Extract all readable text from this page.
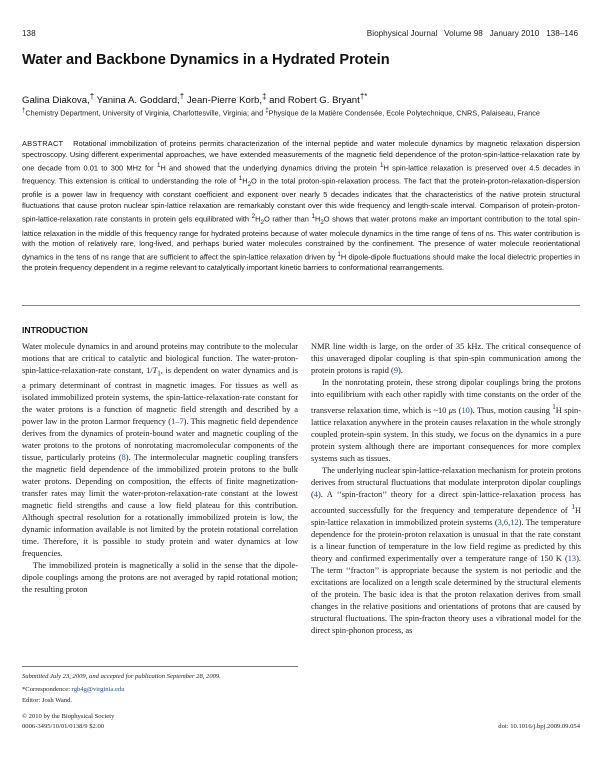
138	Biophysical Journal   Volume 98   January 2010   138–146
Water and Backbone Dynamics in a Hydrated Protein
Galina Diakova,† Yanina A. Goddard,† Jean-Pierre Korb,‡ and Robert G. Bryant†*
†Chemistry Department, University of Virginia, Charlottesville, Virginia; and ‡Physique de la Matière Condensée, Ecole Polytechnique, CNRS, Palaiseau, France
ABSTRACT Rotational immobilization of proteins permits characterization of the internal peptide and water molecule dynamics by magnetic relaxation dispersion spectroscopy. Using different experimental approaches, we have extended measurements of the magnetic field dependence of the proton-spin-lattice-relaxation rate by one decade from 0.01 to 300 MHz for $^1$H and showed that the underlying dynamics driving the protein $^1$H spin-lattice relaxation is preserved over 4.5 decades in frequency. This extension is critical to understanding the role of $^1H_2O$ in the total proton-spin-relaxation process. The fact that the protein-proton-relaxation-dispersion profile is a power law in frequency with constant coefficient and exponent over nearly 5 decades indicates that the characteristics of the native protein structural fluctuations that cause proton nuclear spin-lattice relaxation are remarkably constant over this wide frequency and length-scale interval. Comparison of protein-proton-spin-lattice-relaxation rate constants in protein gels equilibrated with $^2H_2O$ rather than $^1H_2O$ shows that water protons make an important contribution to the total spin-lattice relaxation in the middle of this frequency range for hydrated proteins because of water molecule dynamics in the time range of tens of ns. This water contribution is with the motion of relatively rare, long-lived, and perhaps buried water molecules constrained by the confinement. The presence of water molecule reorientational dynamics in the tens of ns range that are sufficient to affect the spin-lattice relaxation driven by $^1$H dipole-dipole fluctuations should make the local dielectric properties in the protein frequency dependent in a regime relevant to catalytically important kinetic barriers to conformational rearrangements.
INTRODUCTION

Water molecule dynamics in and around proteins may contribute to the molecular motions that are critical to catalytic and biological function. The water-proton-spin-lattice-relaxation-rate constant, $1/T_1$, is dependent on water dynamics and is a primary determinant of contrast in magnetic images. For tissues as well as isolated immobilized protein systems, the spin-lattice-relaxation-rate constant for the water protons is a function of magnetic field strength and described by a power law in the proton Larmor frequency (1–7). This magnetic field dependence derives from the dynamics of protein-bound water and magnetic coupling of the water protons to the protons of nonrotating macromolecular components of the tissue, particularly proteins (8). The intermolecular magnetic coupling transfers the magnetic field dependence of the immobilized protein protons to the bulk water protons. Depending on composition, the effects of finite magnetization-transfer rates may limit the water-proton-relaxation-rate constant at the lowest magnetic field strengths and cause a low field plateau for this contribution. Although spectral resolution for a rotationally immobilized protein is low, the dynamic information available is not limited by the protein rotational correlation time. Therefore, it is possible to study protein and water dynamics at low frequencies.

The immobilized protein is magnetically a solid in the sense that the dipole-dipole couplings among the protons are not averaged by rapid rotational motion; the resulting proton

NMR line width is large, on the order of 35 kHz. The critical consequence of this unaveraged dipolar coupling is that spin-spin communication among the protein protons is rapid (9).

In the nonrotating protein, these strong dipolar couplings bring the protons into equilibrium with each other rapidly with time constants on the order of the transverse relaxation time, which is ~10 μs (10). Thus, motion causing $^1$H spin-lattice relaxation anywhere in the protein causes relaxation in the whole strongly coupled protein-spin system. In this study, we focus on the dynamics in a pure protein system although there are important consequences for more complex systems such as tissues.

The underlying nuclear spin-lattice-relaxation mechanism for protein protons derives from structural fluctuations that modulate interproton dipolar couplings (4). A ‘‘spin-fracton’’ theory for a direct spin-lattice-relaxation process has accounted successfully for the frequency and temperature dependence of $^1$H spin-lattice relaxation in immobilized protein systems (3,6,12). The temperature dependence for the protein-proton relaxation is unusual in that the rate constant is a linear function of temperature in the low field regime as predicted by this theory and confirmed experimentally over a temperature range of 150 K (13). The term ‘‘fracton’’ is appropriate because the system is not periodic and the excitations are localized on a length scale determined by the structural elements of the protein. The basic idea is that the proton relaxation derives from small changes in the relative positions and orientations of protons that are caused by structural fluctuations. The spin-fracton theory uses a vibrational model for the direct spin-phonon process, as

Submitted July 23, 2009, and accepted for publication September 28, 2009.
*Correspondence: rgb4g@virginia.edu
Editor: Josh Wand.
© 2010 by the Biophysical Society
0006-3495/10/01/0138/9 $2.00	doi: 10.1016/j.bpj.2009.09.054
